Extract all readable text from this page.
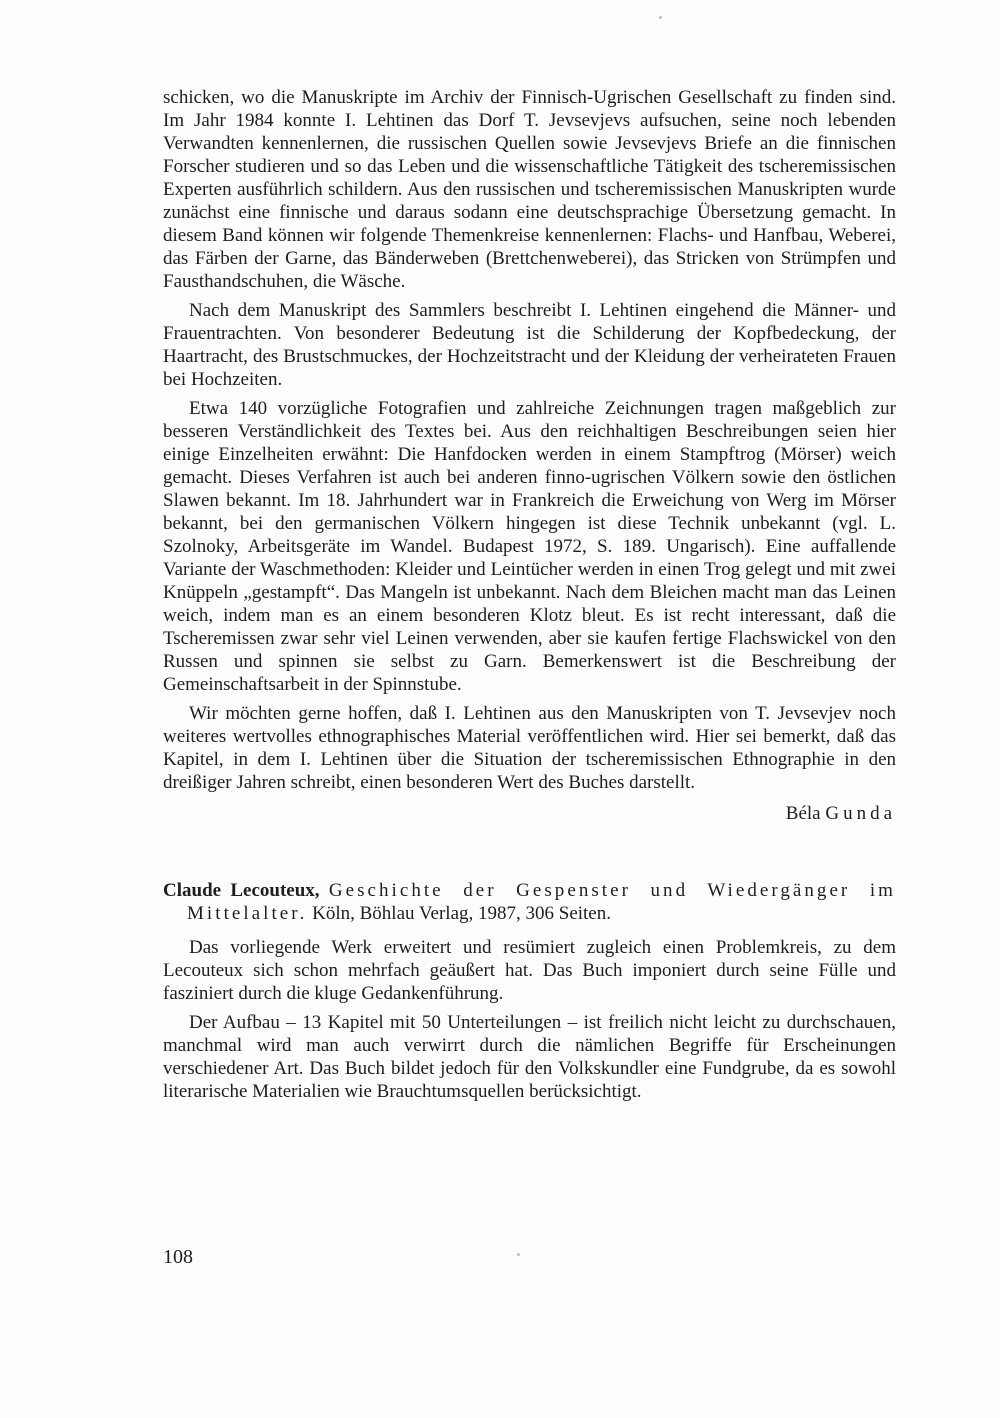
schicken, wo die Manuskripte im Archiv der Finnisch-Ugrischen Gesellschaft zu finden sind. Im Jahr 1984 konnte I. Lehtinen das Dorf T. Jevsevjevs aufsuchen, seine noch lebenden Verwandten kennenlernen, die russischen Quellen sowie Jevsevjevs Briefe an die finnischen Forscher studieren und so das Leben und die wissenschaftliche Tätigkeit des tscheremissischen Experten ausführlich schildern. Aus den russischen und tscheremissischen Manuskripten wurde zunächst eine finnische und daraus sodann eine deutschsprachige Übersetzung gemacht. In diesem Band können wir folgende Themenkreise kennenlernen: Flachs- und Hanfbau, Weberei, das Färben der Garne, das Bänderweben (Brettchenweberei), das Stricken von Strümpfen und Fausthandschuhen, die Wäsche.

Nach dem Manuskript des Sammlers beschreibt I. Lehtinen eingehend die Männer- und Frauentrachten. Von besonderer Bedeutung ist die Schilderung der Kopfbedeckung, der Haartracht, des Brustschmuckes, der Hochzeitstracht und der Kleidung der verheirateten Frauen bei Hochzeiten.

Etwa 140 vorzügliche Fotografien und zahlreiche Zeichnungen tragen maßgeblich zur besseren Verständlichkeit des Textes bei. Aus den reichhaltigen Beschreibungen seien hier einige Einzelheiten erwähnt: Die Hanfdocken werden in einem Stampftrog (Mörser) weich gemacht. Dieses Verfahren ist auch bei anderen finno-ugrischen Völkern sowie den östlichen Slawen bekannt. Im 18. Jahrhundert war in Frankreich die Erweichung von Werg im Mörser bekannt, bei den germanischen Völkern hingegen ist diese Technik unbekannt (vgl. L. Szolnoky, Arbeitsgeräte im Wandel. Budapest 1972, S. 189. Ungarisch). Eine auffallende Variante der Waschmethoden: Kleider und Leintücher werden in einen Trog gelegt und mit zwei Knüppeln „gestampft“. Das Mangeln ist unbekannt. Nach dem Bleichen macht man das Leinen weich, indem man es an einem besonderen Klotz bleut. Es ist recht interessant, daß die Tscheremissen zwar sehr viel Leinen verwenden, aber sie kaufen fertige Flachswickel von den Russen und spinnen sie selbst zu Garn. Bemerkenswert ist die Beschreibung der Gemeinschaftsarbeit in der Spinnstube.

Wir möchten gerne hoffen, daß I. Lehtinen aus den Manuskripten von T. Jevsevjev noch weiteres wertvolles ethnographisches Material veröffentlichen wird. Hier sei bemerkt, daß das Kapitel, in dem I. Lehtinen über die Situation der tscheremissischen Ethnographie in den dreißiger Jahren schreibt, einen besonderen Wert des Buches darstellt.

Béla Gunda

Claude Lecouteux, Geschichte der Gespenster und Wiedergänger im Mittelalter. Köln, Böhlau Verlag, 1987, 306 Seiten.

Das vorliegende Werk erweitert und resümiert zugleich einen Problemkreis, zu dem Lecouteux sich schon mehrfach geäußert hat. Das Buch imponiert durch seine Fülle und fasziniert durch die kluge Gedankenführung.

Der Aufbau – 13 Kapitel mit 50 Unterteilungen – ist freilich nicht leicht zu durchschauen, manchmal wird man auch verwirrt durch die nämlichen Begriffe für Erscheinungen verschiedener Art. Das Buch bildet jedoch für den Volkskundler eine Fundgrube, da es sowohl literarische Materialien wie Brauchtumsquellen berücksichtigt.

108
